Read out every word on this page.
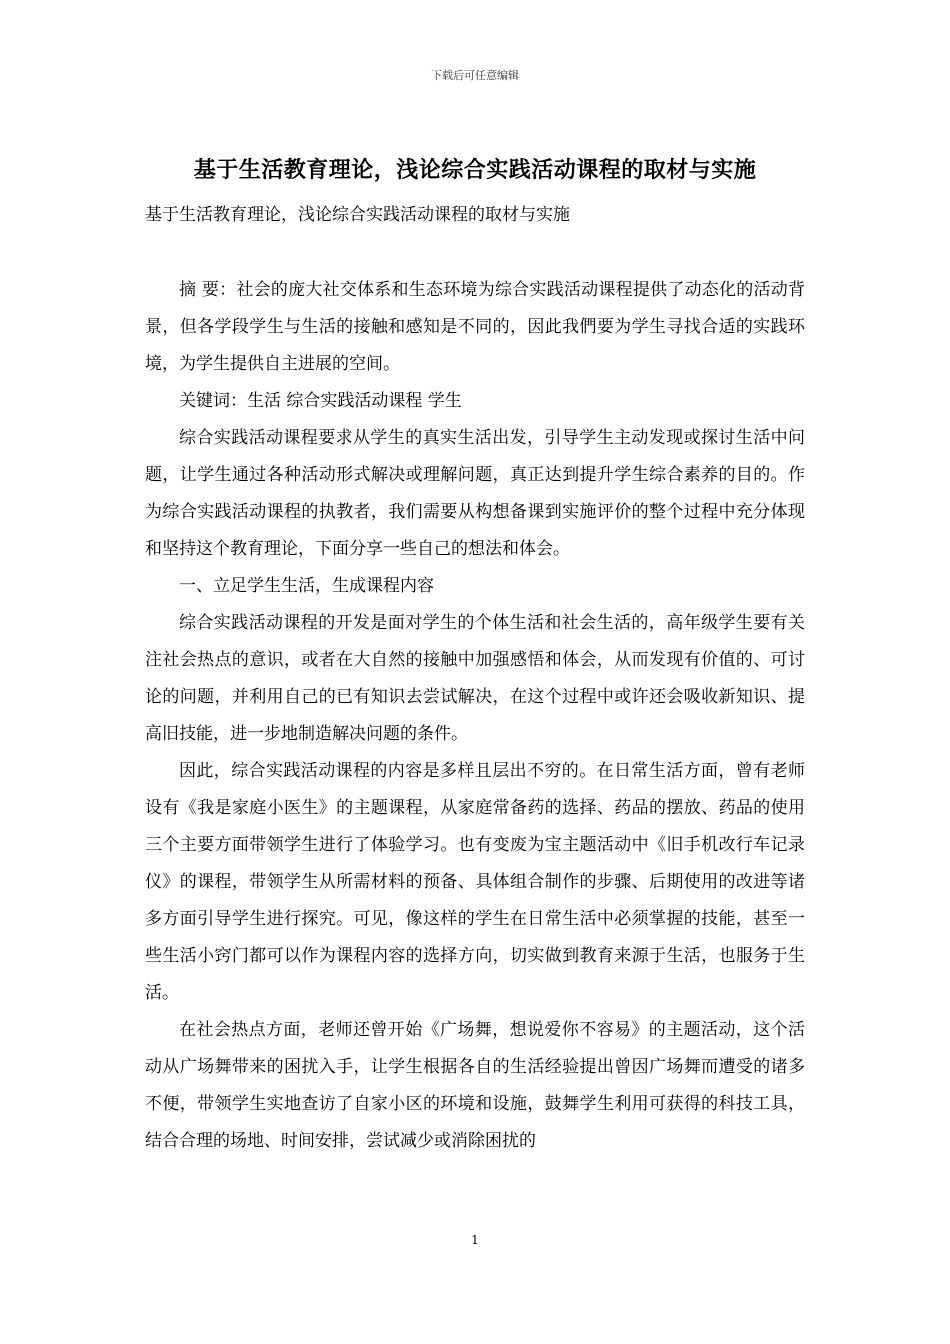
下载后可任意编辑
基于生活教育理论，浅论综合实践活动课程的取材与实施
基于生活教育理论，浅论综合实践活动课程的取材与实施

摘 要：社会的庞大社交体系和生态环境为综合实践活动课程提供了动态化的活动背景，但各学段学生与生活的接触和感知是不同的，因此我們要为学生寻找合适的实践环境，为学生提供自主进展的空间。

关键词：生活 综合实践活动课程 学生

综合实践活动课程要求从学生的真实生活出发，引导学生主动发现或探讨生活中问题，让学生通过各种活动形式解决或理解问题，真正达到提升学生综合素养的目的。作为综合实践活动课程的执教者，我们需要从构想备课到实施评价的整个过程中充分体现和坚持这个教育理论，下面分享一些自己的想法和体会。

一、立足学生生活，生成课程内容

综合实践活动课程的开发是面对学生的个体生活和社会生活的，高年级学生要有关注社会热点的意识，或者在大自然的接触中加强感悟和体会，从而发现有价值的、可讨论的问题，并利用自己的已有知识去尝试解决，在这个过程中或许还会吸收新知识、提高旧技能，进一步地制造解决问题的条件。

因此，综合实践活动课程的内容是多样且层出不穷的。在日常生活方面，曾有老师设有《我是家庭小医生》的主题课程，从家庭常备药的选择、药品的摆放、药品的使用三个主要方面带领学生进行了体验学习。也有变废为宝主题活动中《旧手机改行车记录仪》的课程，带领学生从所需材料的预备、具体组合制作的步骤、后期使用的改进等诸多方面引导学生进行探究。可见，像这样的学生在日常生活中必须掌握的技能，甚至一些生活小窍门都可以作为课程内容的选择方向，切实做到教育来源于生活，也服务于生活。

在社会热点方面，老师还曾开始《广场舞，想说爱你不容易》的主题活动，这个活动从广场舞带来的困扰入手，让学生根据各自的生活经验提出曾因广场舞而遭受的诸多不便，带领学生实地查访了自家小区的环境和设施，鼓舞学生利用可获得的科技工具，结合合理的场地、时间安排，尝试减少或消除困扰的

1
